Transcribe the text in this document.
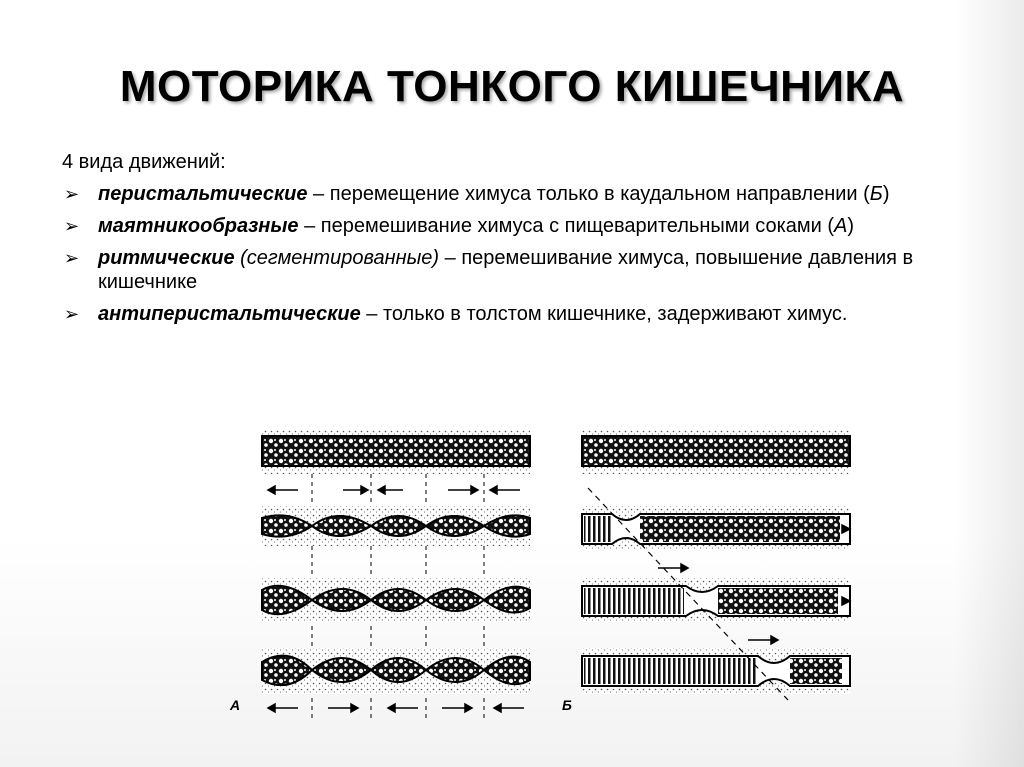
МОТОРИКА ТОНКОГО КИШЕЧНИКА
4 вида движений:
➢ перистальтические – перемещение химуса только в каудальном направлении (Б)
➢ маятникообразные – перемешивание химуса с пищеварительными соками (А)
➢ ритмические (сегментированные) – перемешивание химуса, повышение давления в кишечнике
➢ антиперистальтические – только в толстом кишечнике, задерживают химус.
А	Б
